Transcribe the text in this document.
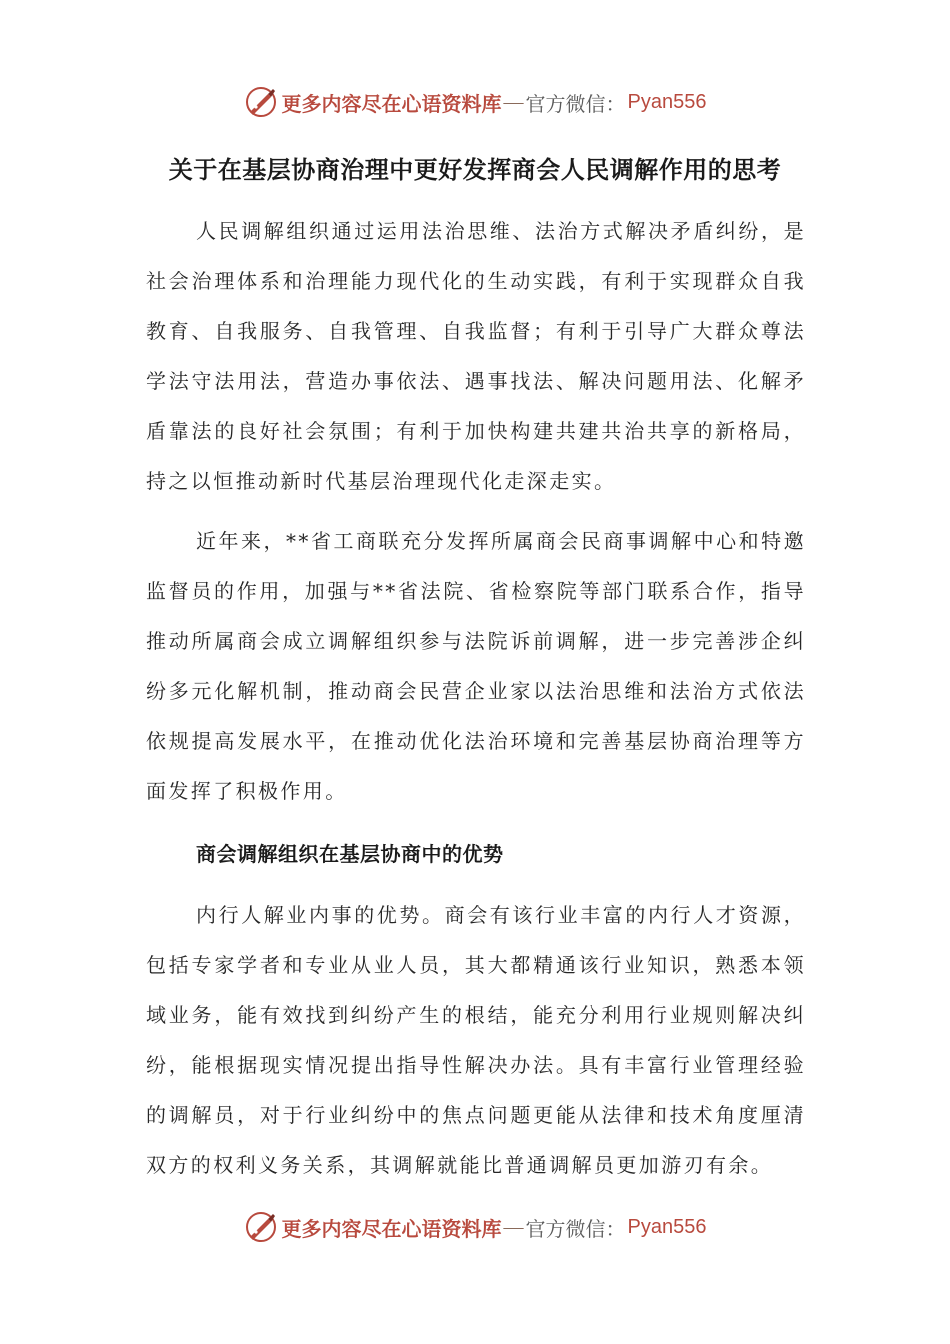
更多内容尽在心语资料库 — 官方微信： Pyan556
关于在基层协商治理中更好发挥商会人民调解作用的思考

人民调解组织通过运用法治思维、法治方式解决矛盾纠纷，是社会治理体系和治理能力现代化的生动实践，有利于实现群众自我教育、自我服务、自我管理、自我监督；有利于引导广大群众尊法学法守法用法，营造办事依法、遇事找法、解决问题用法、化解矛盾靠法的良好社会氛围；有利于加快构建共建共治共享的新格局，持之以恒推动新时代基层治理现代化走深走实。

近年来，**省工商联充分发挥所属商会民商事调解中心和特邀监督员的作用，加强与**省法院、省检察院等部门联系合作，指导推动所属商会成立调解组织参与法院诉前调解，进一步完善涉企纠纷多元化解机制，推动商会民营企业家以法治思维和法治方式依法依规提高发展水平，在推动优化法治环境和完善基层协商治理等方面发挥了积极作用。

商会调解组织在基层协商中的优势

内行人解业内事的优势。商会有该行业丰富的内行人才资源，包括专家学者和专业从业人员，其大都精通该行业知识，熟悉本领域业务，能有效找到纠纷产生的根结，能充分利用行业规则解决纠纷，能根据现实情况提出指导性解决办法。具有丰富行业管理经验的调解员，对于行业纠纷中的焦点问题更能从法律和技术角度厘清双方的权利义务关系，其调解就能比普通调解员更加游刃有余。

更多内容尽在心语资料库 — 官方微信： Pyan556
